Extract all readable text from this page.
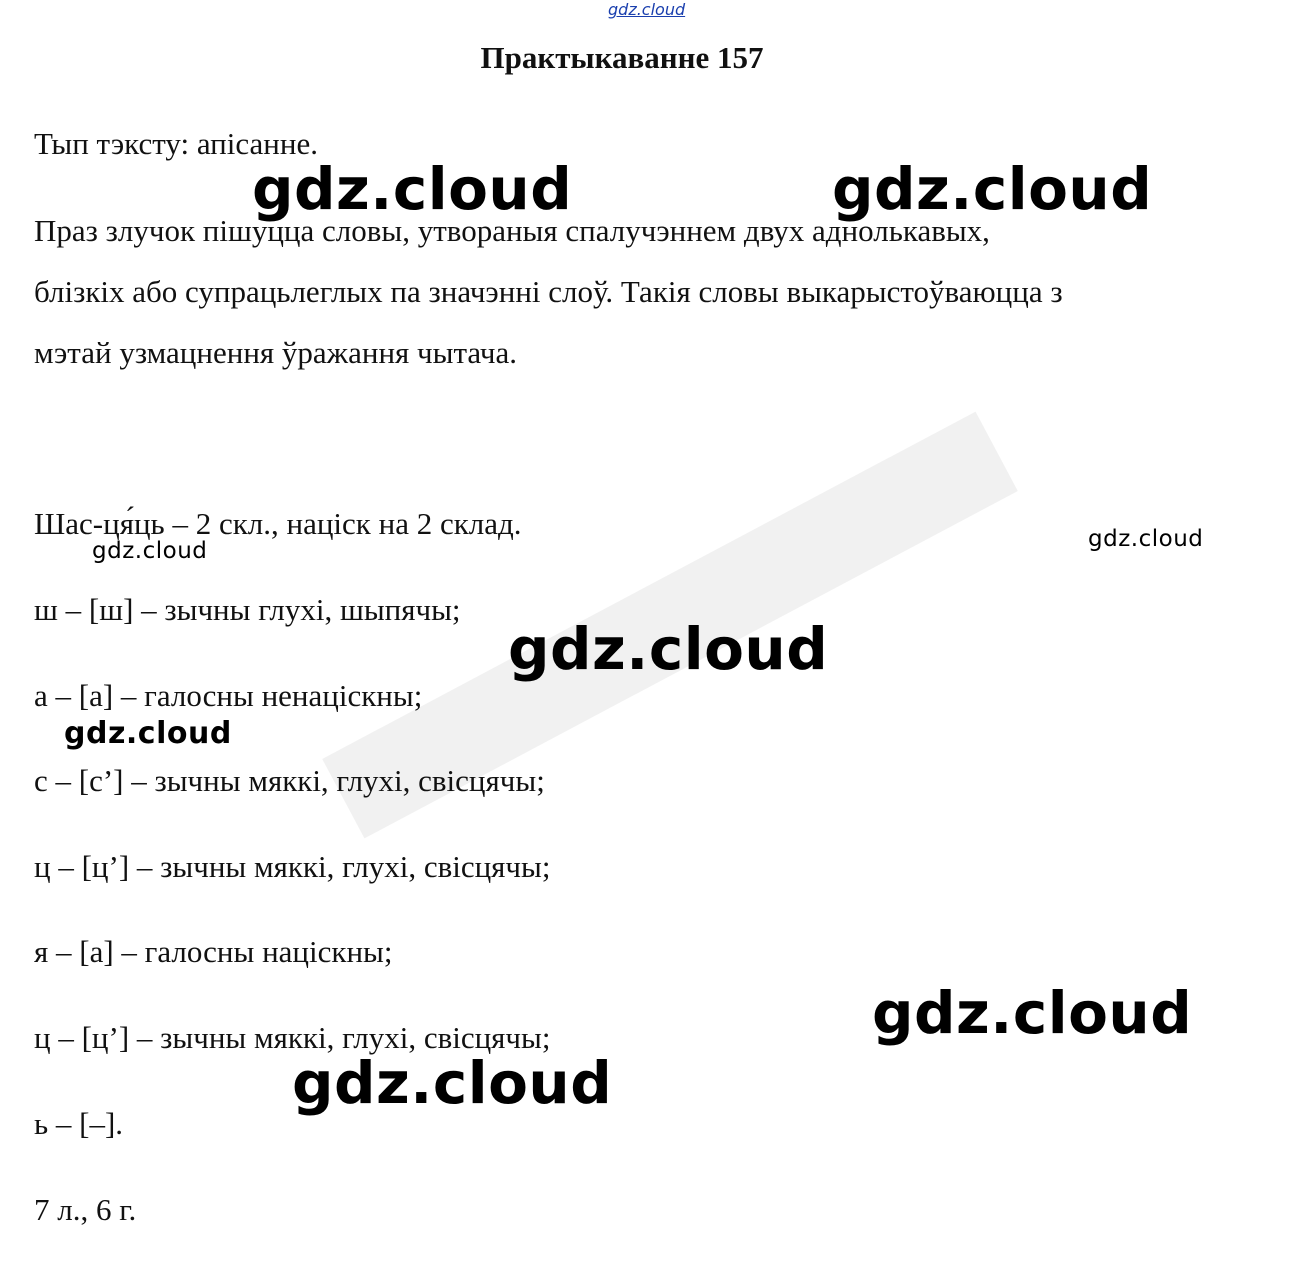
gdz.cloud
Практыкаванне 157

Тып тэксту: апісанне.

Праз злучок пішуцца словы, утвораныя спалучэннем двух аднолькавых,

блізкіх або супрацьлеглых па значэнні слоў. Такія словы выкарыстоўваюцца з

мэтай узмацнення ўражання чытача.

Шас-ця́ць – 2 скл., націск на 2 склад.

ш – [ш] – зычны глухі, шыпячы;

а – [а] – галосны ненацiскны;

с – [с’] – зычны мяккі, глухі, свісцячы;

ц – [ц’] – зычны мяккі, глухі, свісцячы;

я – [а] – галосны націскны;

ц – [ц’] – зычны мяккі, глухі, свісцячы;

ь – [–].

7 л., 6 г.

gdz.cloud	gdz.cloud
gdz.cloud	gdz.cloud
gdz.cloud
gdz.cloud
gdz.cloud
gdz.cloud
